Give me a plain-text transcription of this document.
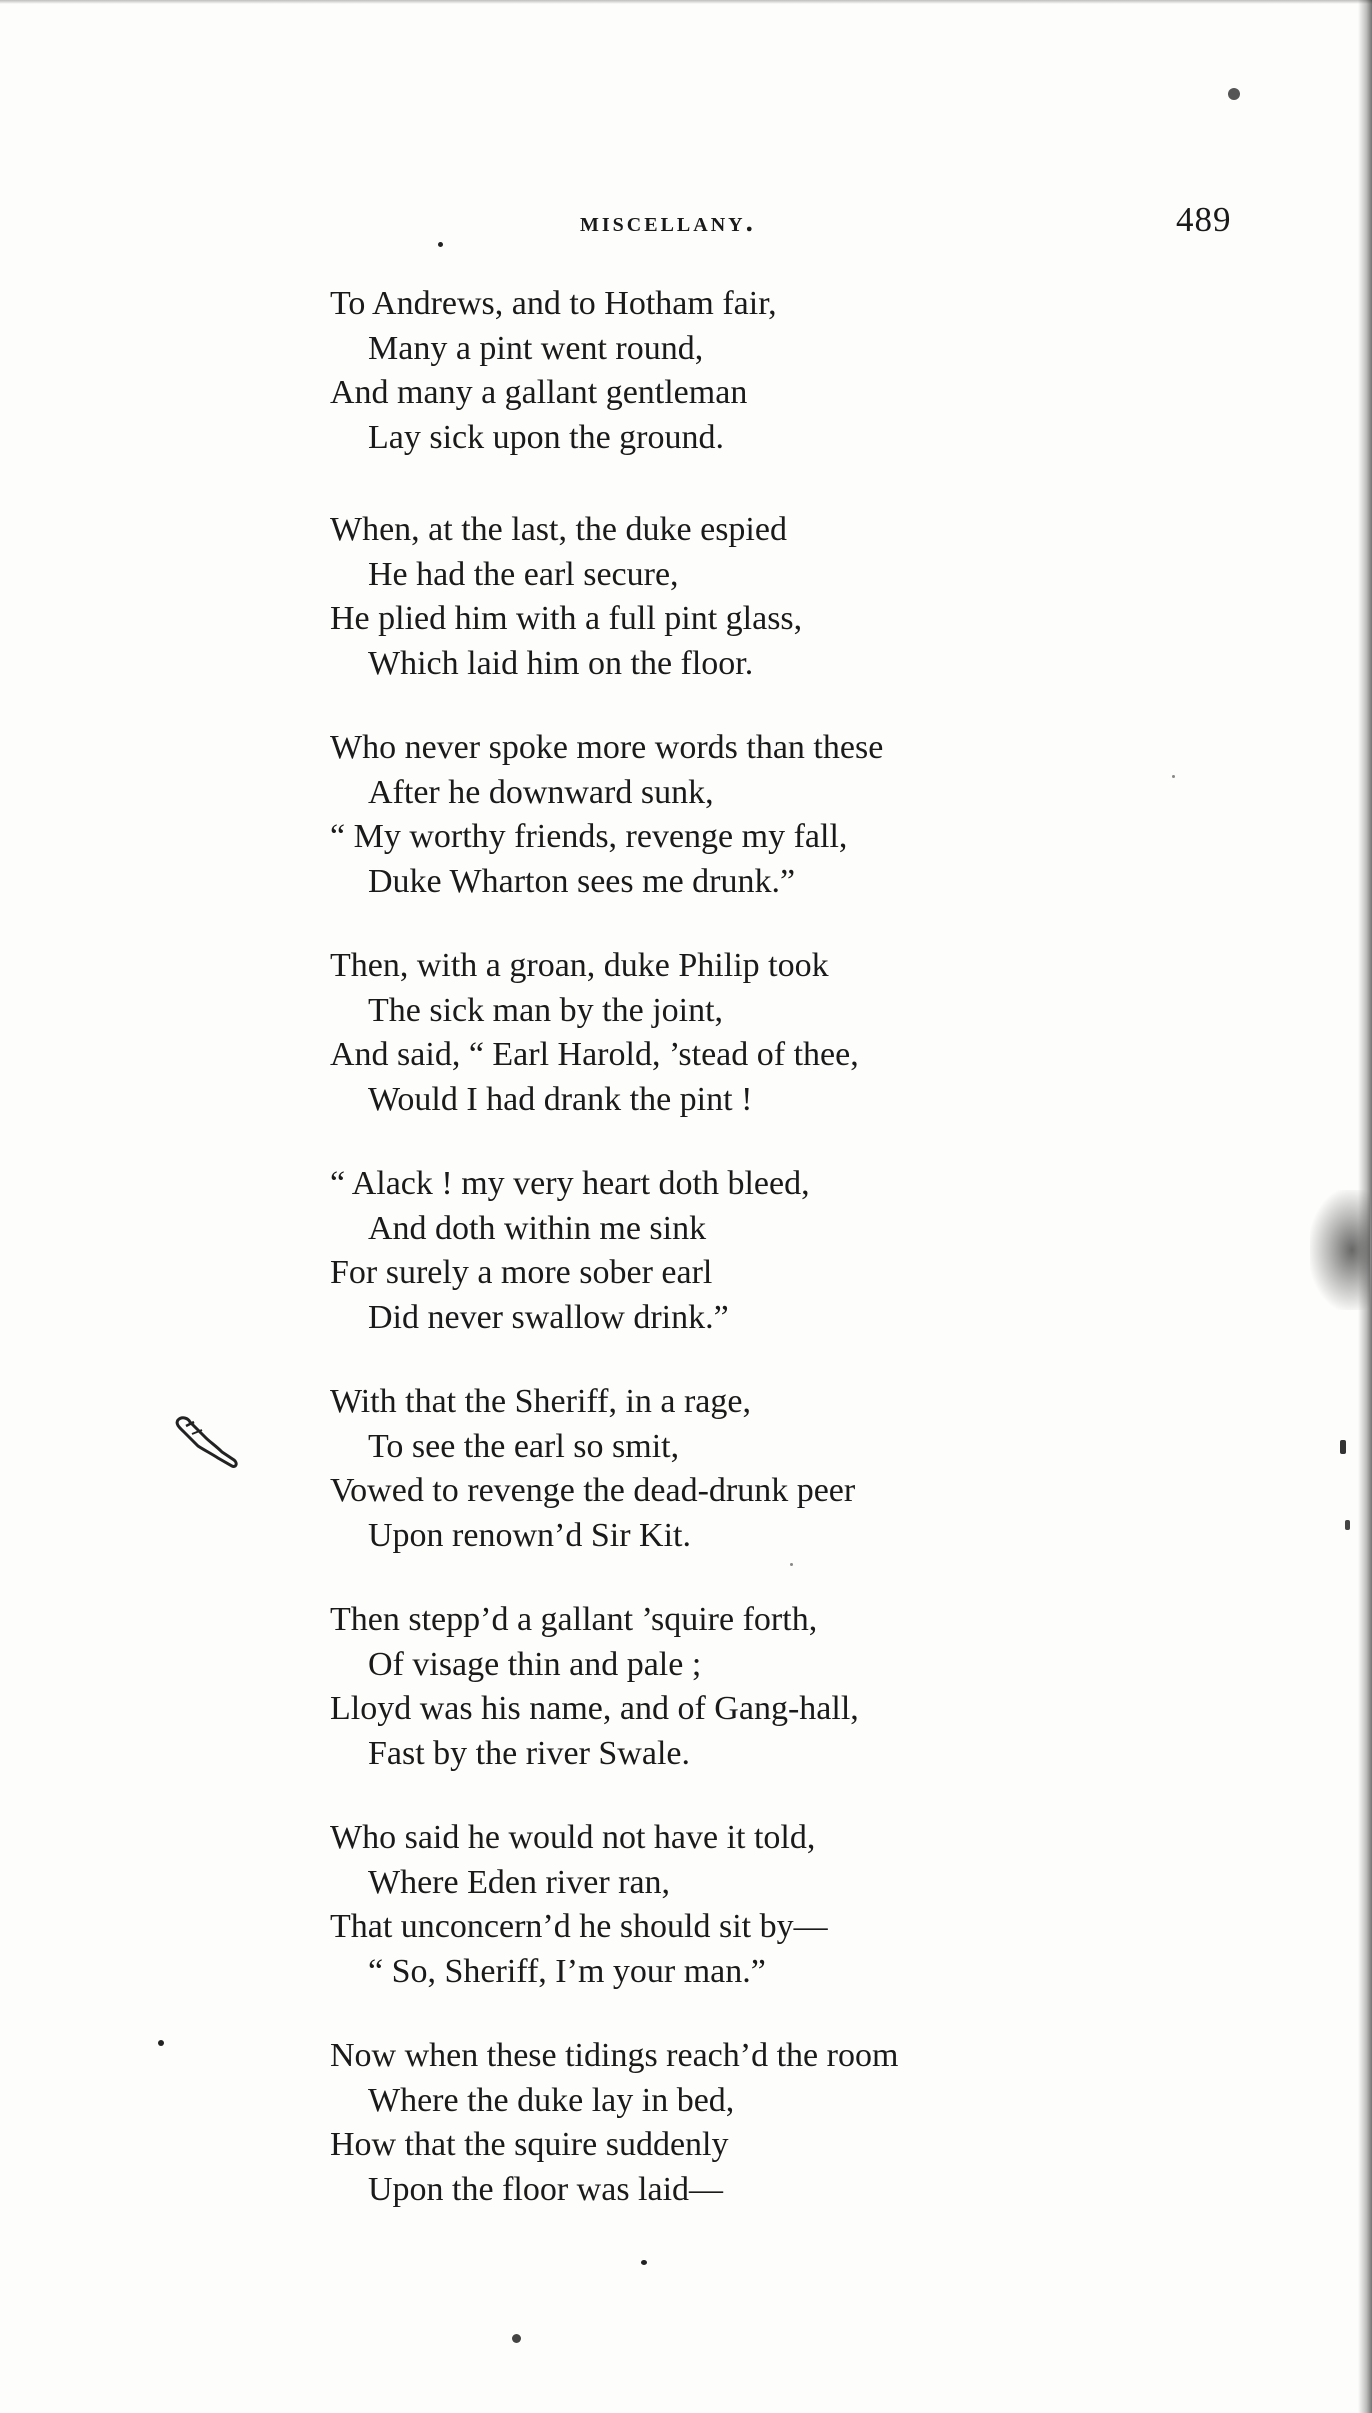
miscellany.	489
To Andrews, and to Hotham fair,
Many a pint went round,
And many a gallant gentleman
Lay sick upon the ground.
When, at the last, the duke espied
He had the earl secure,
He plied him with a full pint glass,
Which laid him on the floor.
Who never spoke more words than these
After he downward sunk,
“ My worthy friends, revenge my fall,
Duke Wharton sees me drunk.”
Then, with a groan, duke Philip took
The sick man by the joint,
And said, “ Earl Harold, ’stead of thee,
Would I had drank the pint !
“ Alack ! my very heart doth bleed,
And doth within me sink
For surely a more sober earl
Did never swallow drink.”
With that the Sheriff, in a rage,
To see the earl so smit,
Vowed to revenge the dead-drunk peer
Upon renown’d Sir Kit.
Then stepp’d a gallant ’squire forth,
Of visage thin and pale ;
Lloyd was his name, and of Gang-hall,
Fast by the river Swale.
Who said he would not have it told,
Where Eden river ran,
That unconcern’d he should sit by—
“ So, Sheriff, I’m your man.”
Now when these tidings reach’d the room
Where the duke lay in bed,
How that the squire suddenly
Upon the floor was laid—
